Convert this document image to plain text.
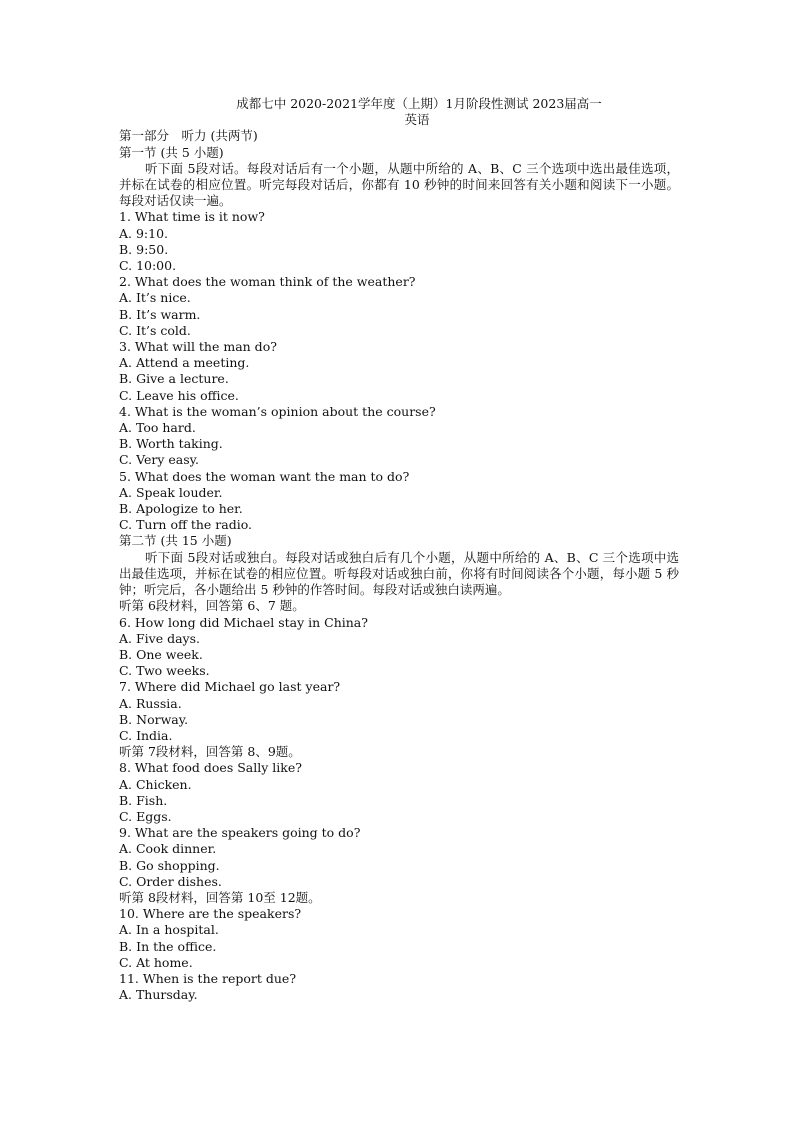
成都七中 2020-2021学年度（上期）1月阶段性测试 2023届高一
英语
第一部分　听力 (共两节)
第一节 (共 5 小题)
听下面 5段对话。每段对话后有一个小题，从题中所给的 A、B、C 三个选项中选出最佳选项，并标在试卷的相应位置。听完每段对话后，你都有 10 秒钟的时间来回答有关小题和阅读下一小题。每段对话仅读一遍。
1. What time is it now?
A. 9:10.
B. 9:50.
C. 10:00.
2. What does the woman think of the weather?
A. It’s nice.
B. It’s warm.
C. It’s cold.
3. What will the man do?
A. Attend a meeting.
B. Give a lecture.
C. Leave his office.
4. What is the woman’s opinion about the course?
A. Too hard.
B. Worth taking.
C. Very easy.
5. What does the woman want the man to do?
A. Speak louder.
B. Apologize to her.
C. Turn off the radio.
第二节 (共 15 小题)
听下面 5段对话或独白。每段对话或独白后有几个小题，从题中所给的 A、B、C 三个选项中选出最佳选项，并标在试卷的相应位置。听每段对话或独白前，你将有时间阅读各个小题，每小题 5 秒钟；听完后，各小题给出 5 秒钟的作答时间。每段对话或独白读两遍。
听第 6段材料，回答第 6、7 题。
6. How long did Michael stay in China?
A. Five days.
B. One week.
C. Two weeks.
7. Where did Michael go last year?
A. Russia.
B. Norway.
C. India.
听第 7段材料，回答第 8、9题。
8. What food does Sally like?
A. Chicken.
B. Fish.
C. Eggs.
9. What are the speakers going to do?
A. Cook dinner.
B. Go shopping.
C. Order dishes.
听第 8段材料，回答第 10至 12题。
10. Where are the speakers?
A. In a hospital.
B. In the office.
C. At home.
11. When is the report due?
A. Thursday.
